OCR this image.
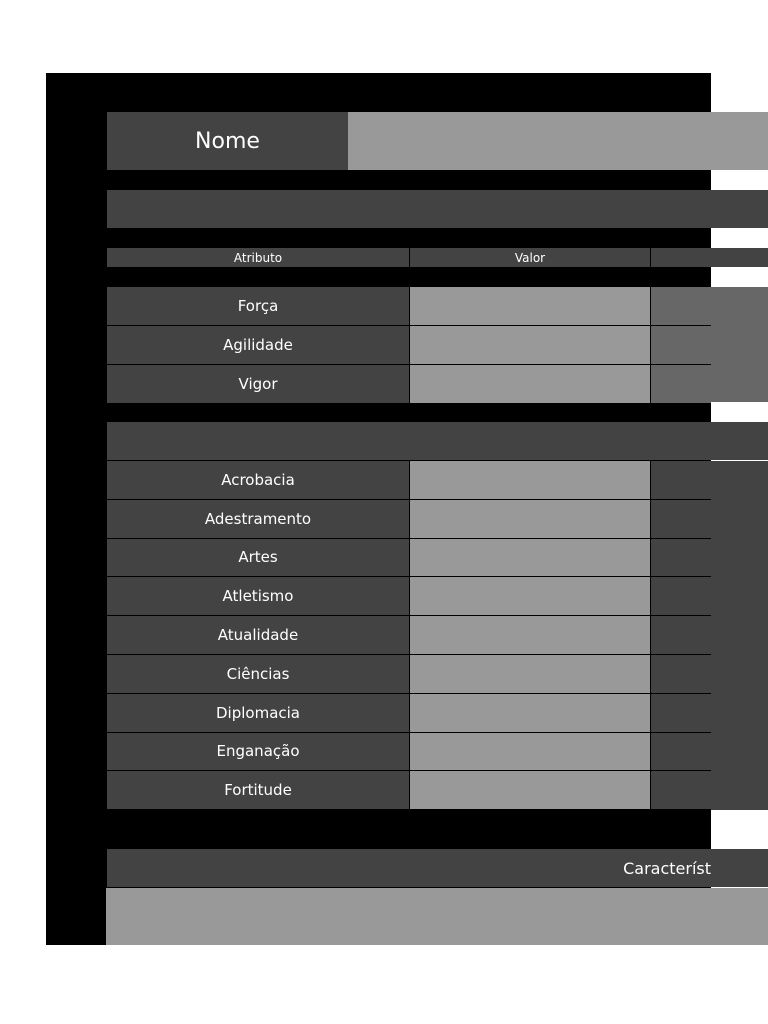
Nome
Atributo	Valor
Força
Agilidade
Vigor
Acrobacia
Adestramento
Artes
Atletismo
Atualidade
Ciências
Diplomacia
Enganação
Fortitude
Característ
